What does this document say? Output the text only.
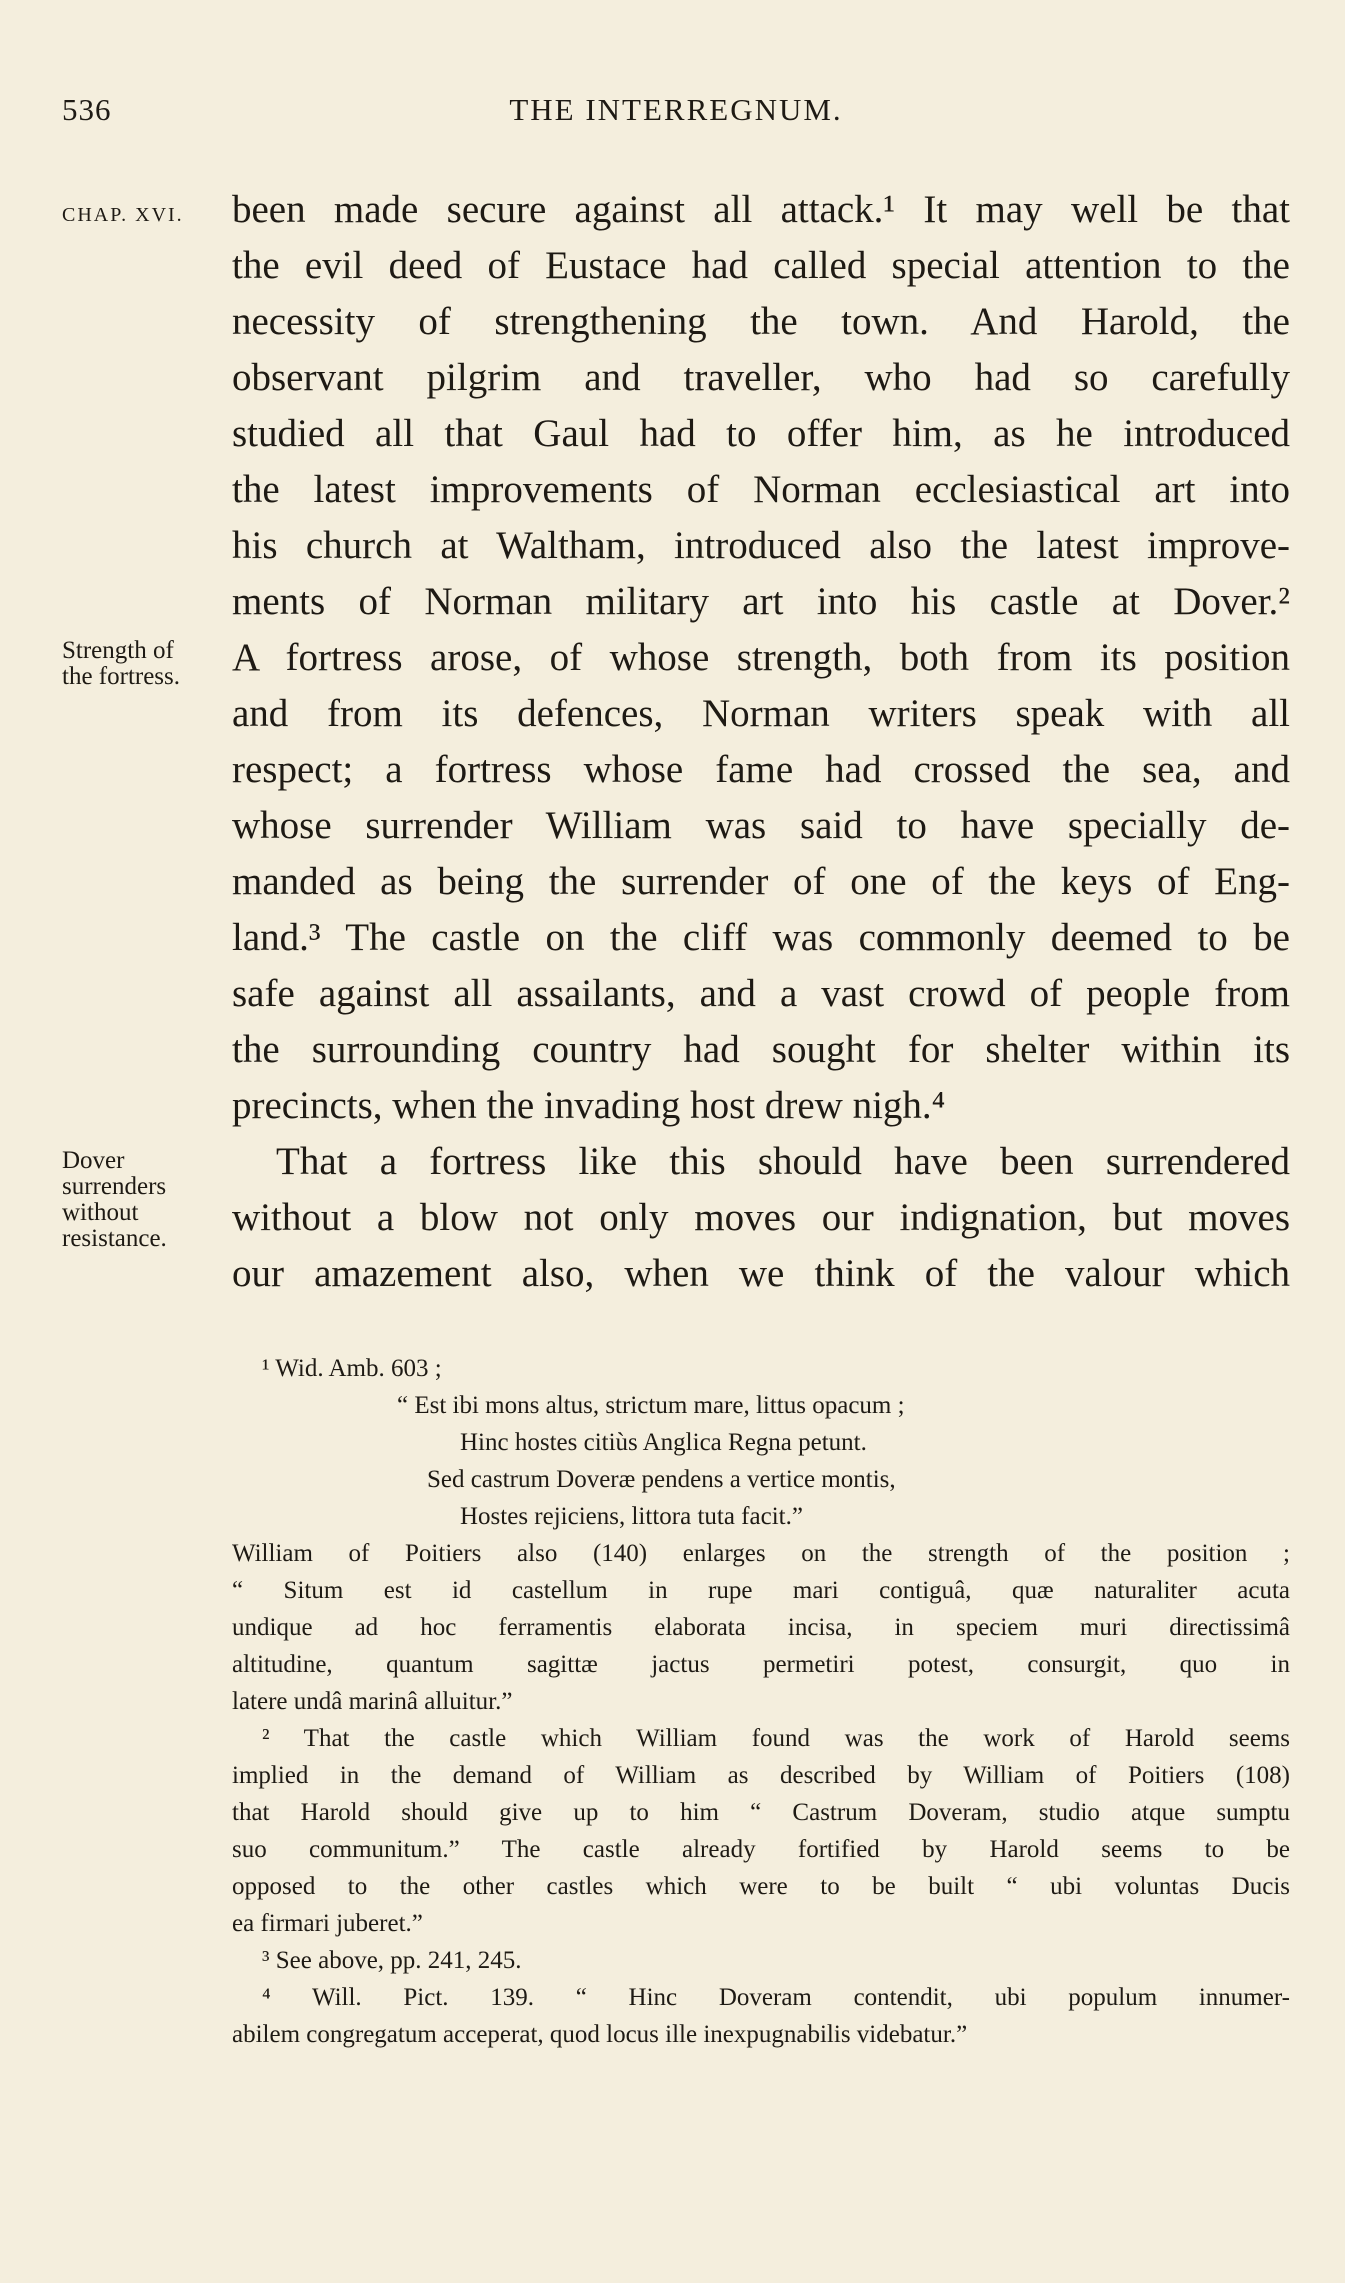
536	THE INTERREGNUM.
CHAP. XVI.
Strength of
the fortress.
Dover
surrenders
without
resistance.
been made secure against all attack.¹ It may well be that
the evil deed of Eustace had called special attention to the
necessity of strengthening the town. And Harold, the
observant pilgrim and traveller, who had so carefully
studied all that Gaul had to offer him, as he introduced
the latest improvements of Norman ecclesiastical art into
his church at Waltham, introduced also the latest improve-
ments of Norman military art into his castle at Dover.²
A fortress arose, of whose strength, both from its position
and from its defences, Norman writers speak with all
respect; a fortress whose fame had crossed the sea, and
whose surrender William was said to have specially de-
manded as being the surrender of one of the keys of Eng-
land.³ The castle on the cliff was commonly deemed to be
safe against all assailants, and a vast crowd of people from
the surrounding country had sought for shelter within its
precincts, when the invading host drew nigh.⁴
That a fortress like this should have been surrendered
without a blow not only moves our indignation, but moves
our amazement also, when we think of the valour which
¹ Wid. Amb. 603 ;
“ Est ibi mons altus, strictum mare, littus opacum ;
Hinc hostes citiùs Anglica Regna petunt.
Sed castrum Doveræ pendens a vertice montis,
Hostes rejiciens, littora tuta facit.”
William of Poitiers also (140) enlarges on the strength of the position ;
“ Situm est id castellum in rupe mari contiguâ, quæ naturaliter acuta
undique ad hoc ferramentis elaborata incisa, in speciem muri directissimâ
altitudine, quantum sagittæ jactus permetiri potest, consurgit, quo in
latere undâ marinâ alluitur.”
² That the castle which William found was the work of Harold seems
implied in the demand of William as described by William of Poitiers (108)
that Harold should give up to him “ Castrum Doveram, studio atque sumptu
suo communitum.” The castle already fortified by Harold seems to be
opposed to the other castles which were to be built “ ubi voluntas Ducis
ea firmari juberet.”
³ See above, pp. 241, 245.
⁴ Will. Pict. 139. “ Hinc Doveram contendit, ubi populum innumer-
abilem congregatum acceperat, quod locus ille inexpugnabilis videbatur.”
